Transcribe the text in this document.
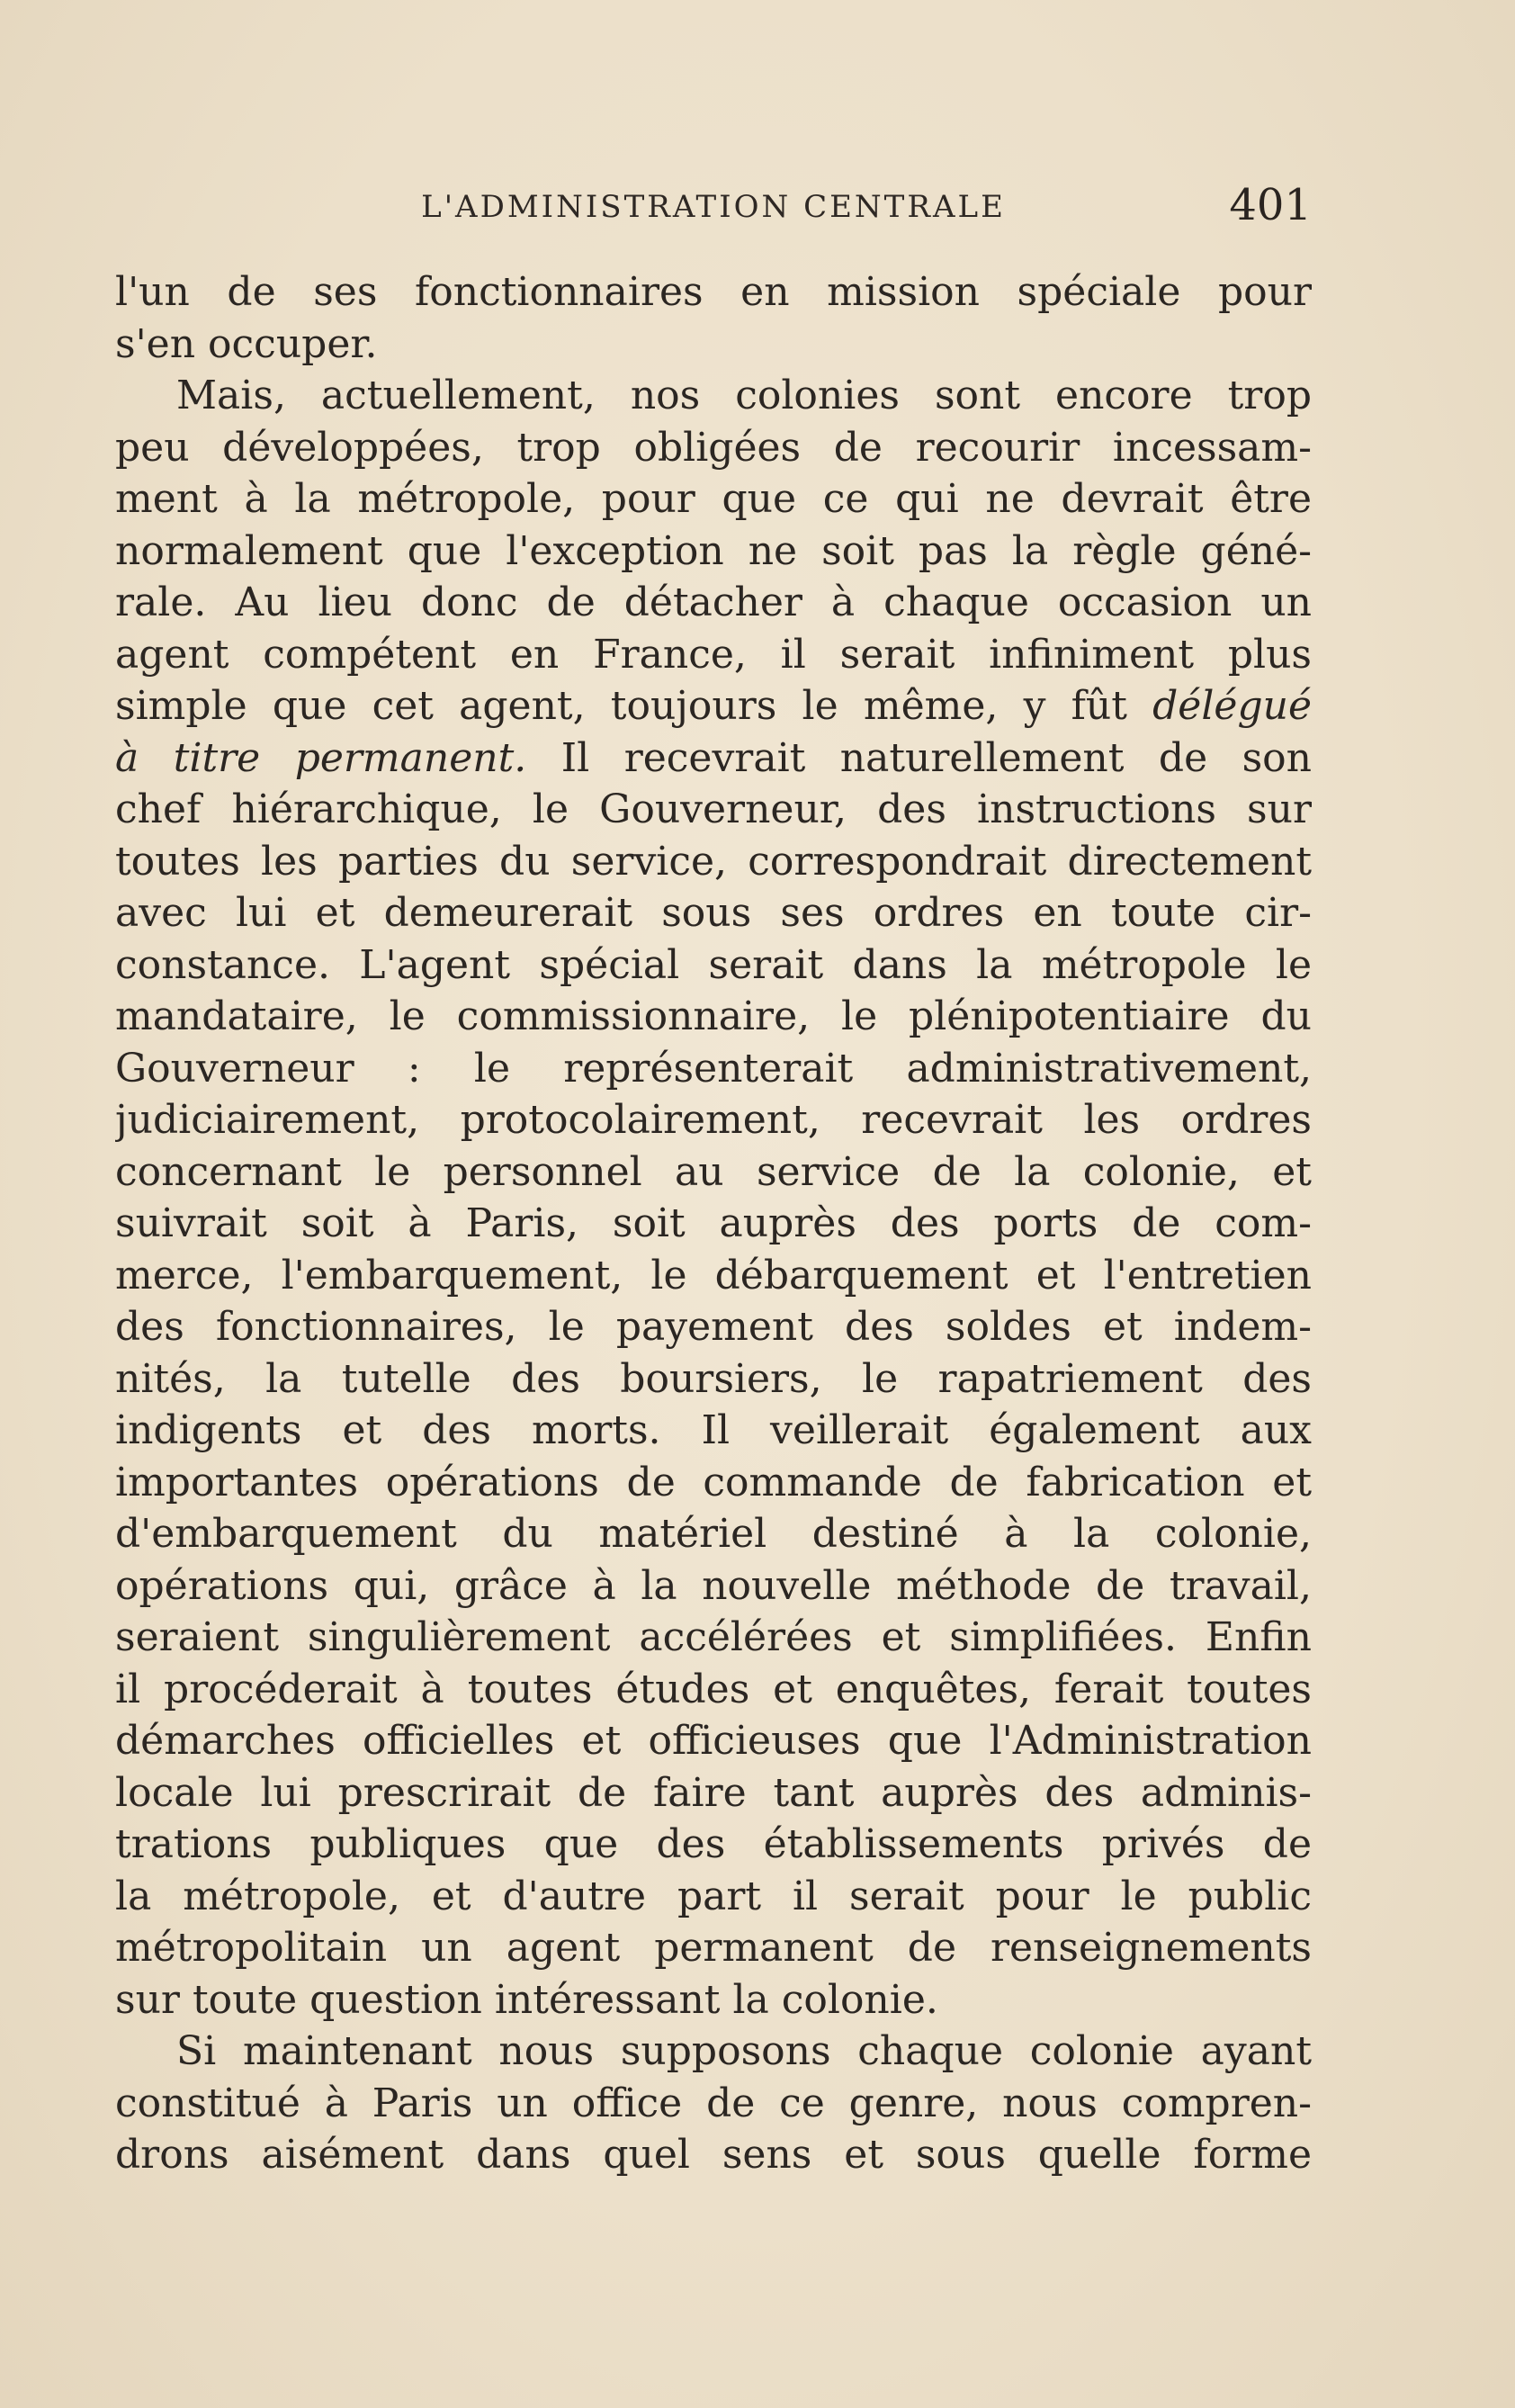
L'ADMINISTRATION CENTRALE	401
l'un de ses fonctionnaires en mission spéciale pour
s'en occuper.
Mais, actuellement, nos colonies sont encore trop
peu développées, trop obligées de recourir incessam-
ment à la métropole, pour que ce qui ne devrait être
normalement que l'exception ne soit pas la règle géné-
rale. Au lieu donc de détacher à chaque occasion un
agent compétent en France, il serait infiniment plus
simple que cet agent, toujours le même, y fût délégué
à titre permanent. Il recevrait naturellement de son
chef hiérarchique, le Gouverneur, des instructions sur
toutes les parties du service, correspondrait directement
avec lui et demeurerait sous ses ordres en toute cir-
constance. L'agent spécial serait dans la métropole le
mandataire, le commissionnaire, le plénipotentiaire du
Gouverneur : le représenterait administrativement,
judiciairement, protocolairement, recevrait les ordres
concernant le personnel au service de la colonie, et
suivrait soit à Paris, soit auprès des ports de com-
merce, l'embarquement, le débarquement et l'entretien
des fonctionnaires, le payement des soldes et indem-
nités, la tutelle des boursiers, le rapatriement des
indigents et des morts. Il veillerait également aux
importantes opérations de commande de fabrication et
d'embarquement du matériel destiné à la colonie,
opérations qui, grâce à la nouvelle méthode de travail,
seraient singulièrement accélérées et simplifiées. Enfin
il procéderait à toutes études et enquêtes, ferait toutes
démarches officielles et officieuses que l'Administration
locale lui prescrirait de faire tant auprès des adminis-
trations publiques que des établissements privés de
la métropole, et d'autre part il serait pour le public
métropolitain un agent permanent de renseignements
sur toute question intéressant la colonie.
Si maintenant nous supposons chaque colonie ayant
constitué à Paris un office de ce genre, nous compren-
drons aisément dans quel sens et sous quelle forme
